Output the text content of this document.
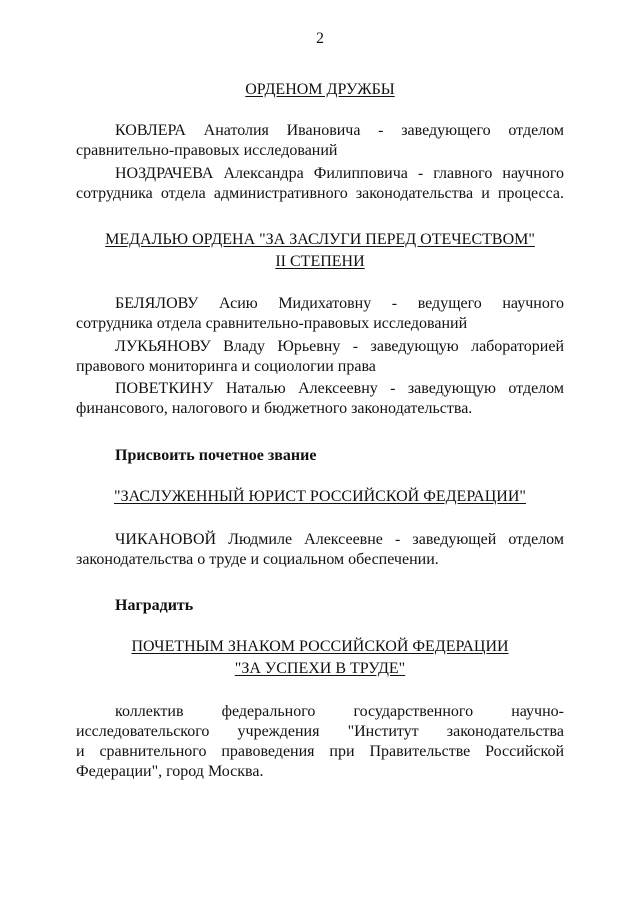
2
ОРДЕНОМ ДРУЖБЫ
КОВЛЕРА Анатолия Ивановича - заведующего отделом
сравнительно-правовых исследований
НОЗДРАЧЕВА Александра Филипповича - главного научного
сотрудника отдела административного законодательства и процесса.
МЕДАЛЬЮ ОРДЕНА "ЗА ЗАСЛУГИ ПЕРЕД ОТЕЧЕСТВОМ"
II СТЕПЕНИ
БЕЛЯЛОВУ Асию Мидихатовну - ведущего научного
сотрудника отдела сравнительно-правовых исследований
ЛУКЬЯНОВУ Владу Юрьевну - заведующую лабораторией
правового мониторинга и социологии права
ПОВЕТКИНУ Наталью Алексеевну - заведующую отделом
финансового, налогового и бюджетного законодательства.
Присвоить почетное звание
"ЗАСЛУЖЕННЫЙ ЮРИСТ РОССИЙСКОЙ ФЕДЕРАЦИИ"
ЧИКАНОВОЙ Людмиле Алексеевне - заведующей отделом
законодательства о труде и социальном обеспечении.
Наградить
ПОЧЕТНЫМ ЗНАКОМ РОССИЙСКОЙ ФЕДЕРАЦИИ
"ЗА УСПЕХИ В ТРУДЕ"
коллектив федерального государственного научно-
исследовательского учреждения "Институт законодательства
и сравнительного правоведения при Правительстве Российской
Федерации", город Москва.
